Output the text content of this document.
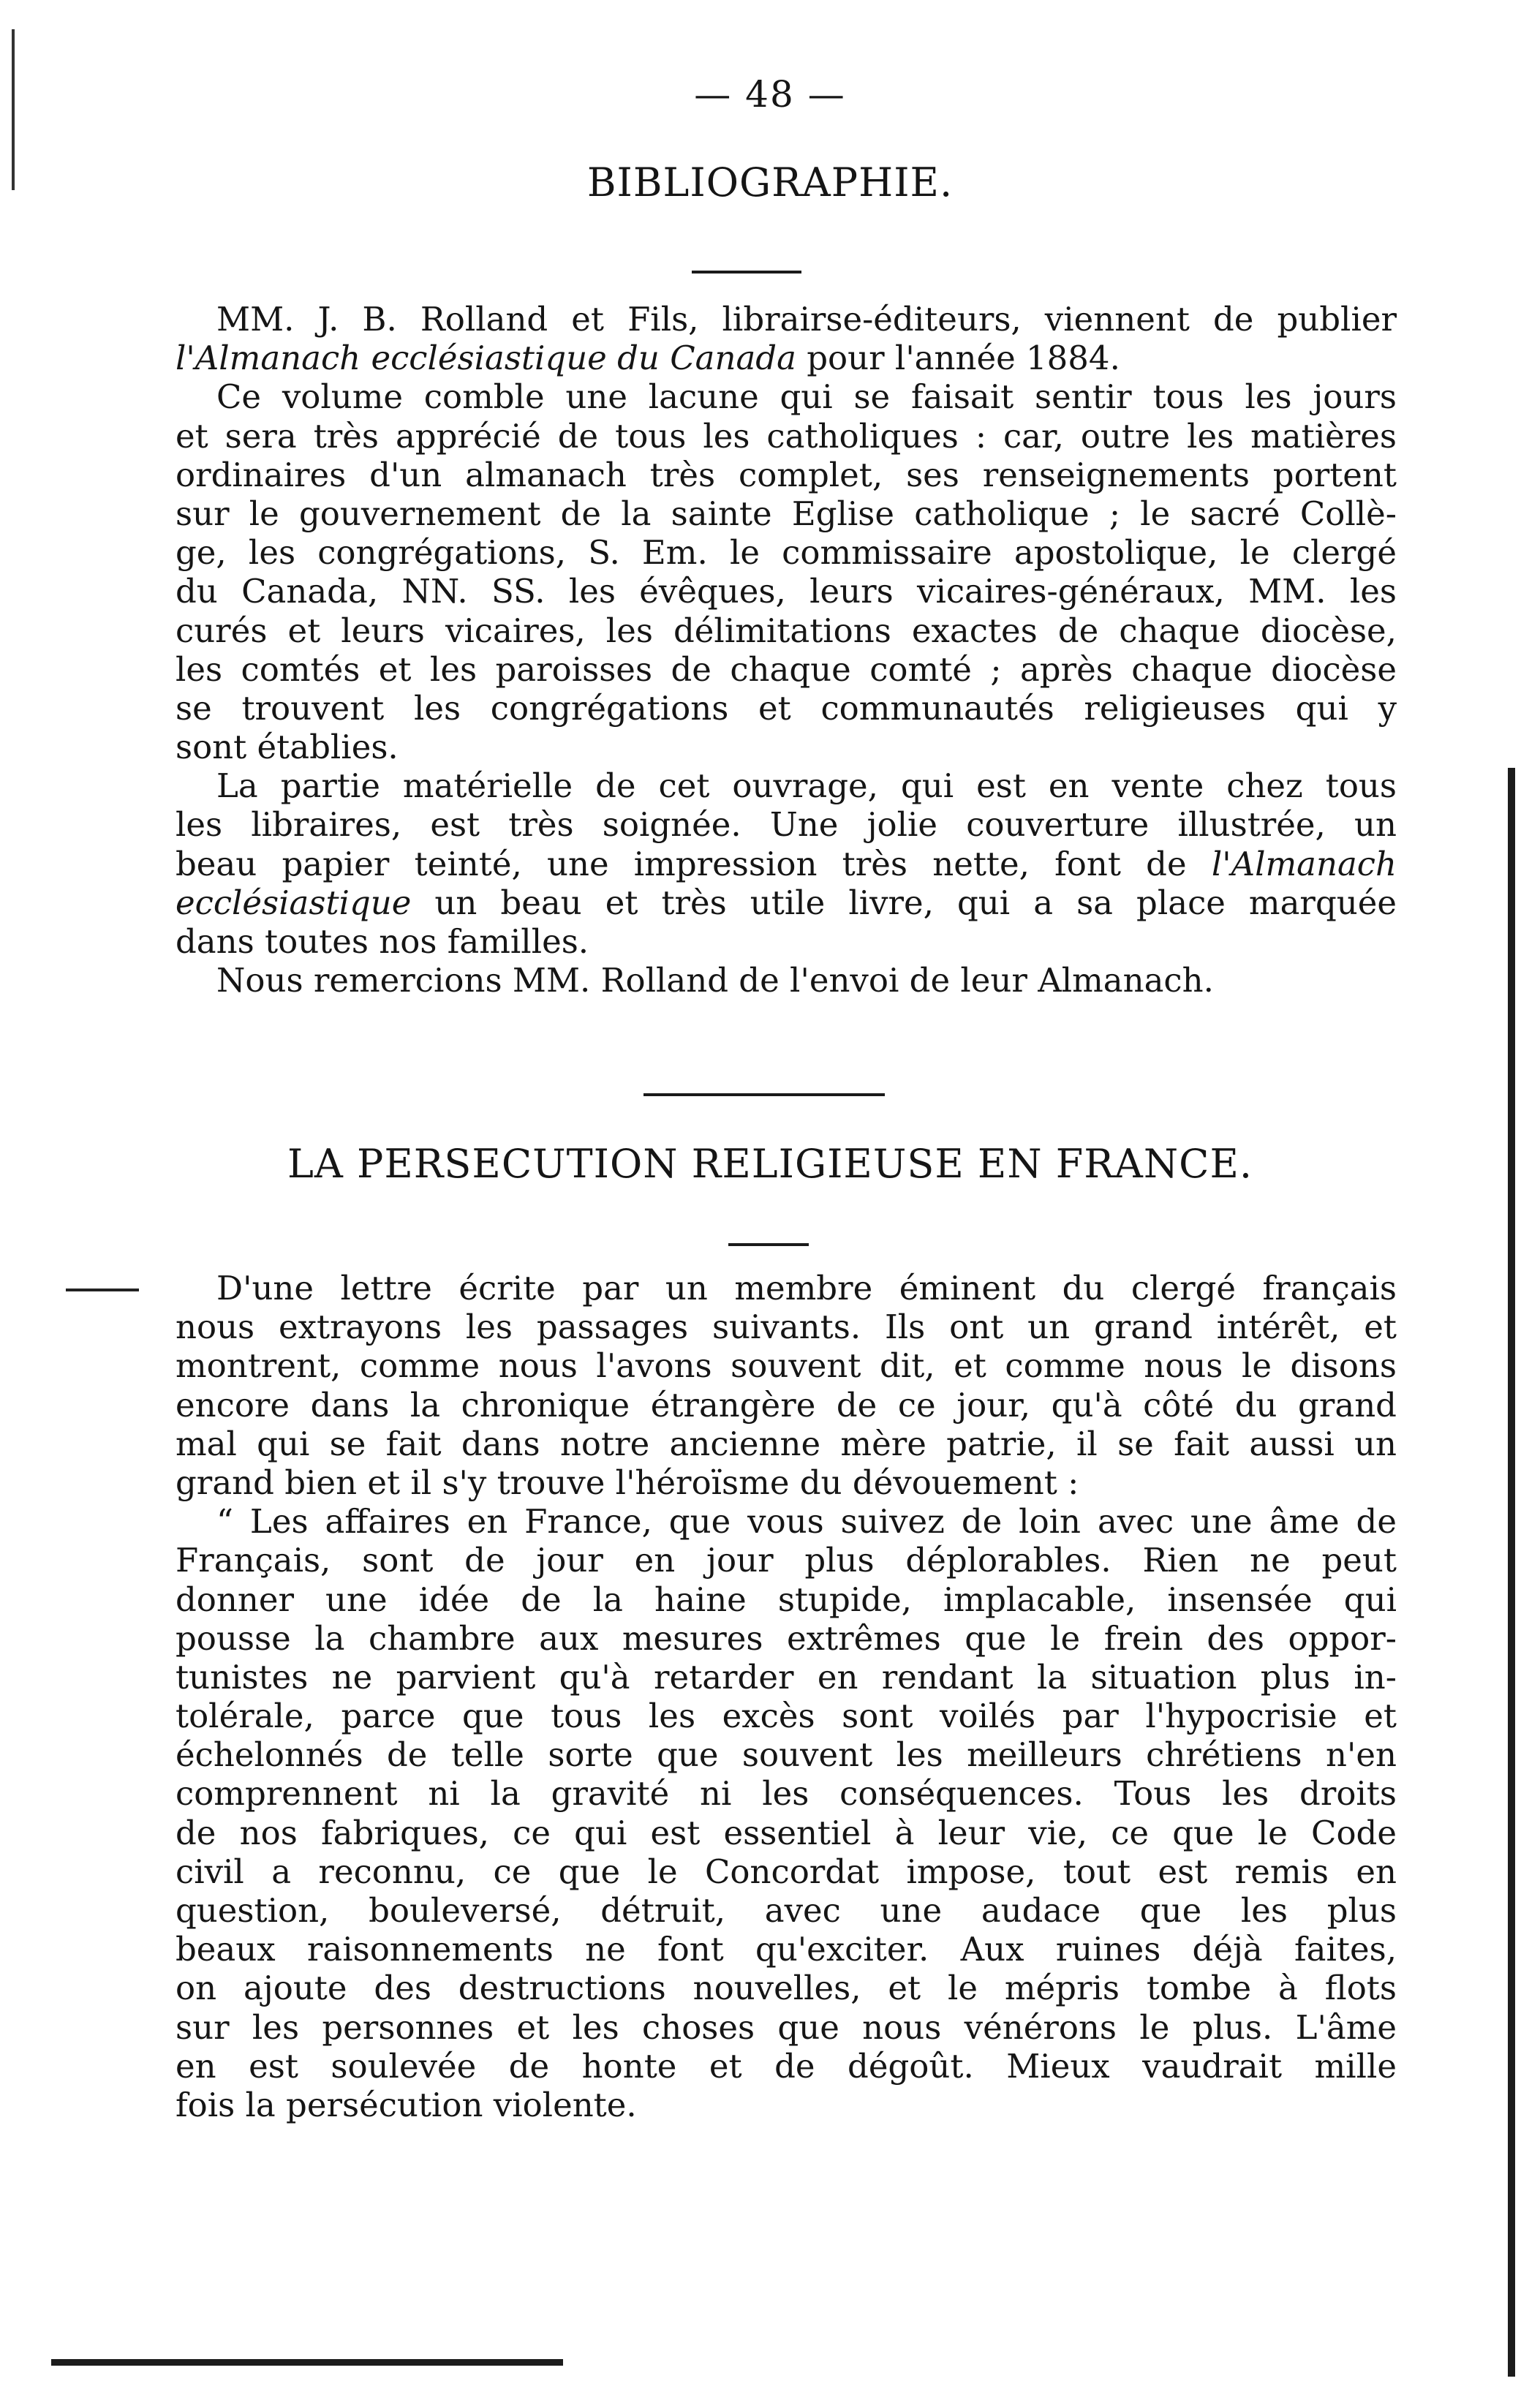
— 48 —
BIBLIOGRAPHIE.
MM. J. B. Rolland et Fils, librairse-éditeurs, viennent de publier
l'Almanach ecclésiastique du Canada pour l'année 1884.
Ce volume comble une lacune qui se faisait sentir tous les jours
et sera très apprécié de tous les catholiques : car, outre les matières
ordinaires d'un almanach très complet, ses renseignements portent
sur le gouvernement de la sainte Eglise catholique ; le sacré Collè-
ge, les congrégations, S. Em. le commissaire apostolique, le clergé
du Canada, NN. SS. les évêques, leurs vicaires-généraux, MM. les
curés et leurs vicaires, les délimitations exactes de chaque diocèse,
les comtés et les paroisses de chaque comté ; après chaque diocèse
se trouvent les congrégations et communautés religieuses qui y
sont établies.
La partie matérielle de cet ouvrage, qui est en vente chez tous
les libraires, est très soignée. Une jolie couverture illustrée, un
beau papier teinté, une impression très nette, font de l'Almanach
ecclésiastique un beau et très utile livre, qui a sa place marquée
dans toutes nos familles.
Nous remercions MM. Rolland de l'envoi de leur Almanach.
LA PERSECUTION RELIGIEUSE EN FRANCE.
D'une lettre écrite par un membre éminent du clergé français
nous extrayons les passages suivants. Ils ont un grand intérêt, et
montrent, comme nous l'avons souvent dit, et comme nous le disons
encore dans la chronique étrangère de ce jour, qu'à côté du grand
mal qui se fait dans notre ancienne mère patrie, il se fait aussi un
grand bien et il s'y trouve l'héroïsme du dévouement :
“ Les affaires en France, que vous suivez de loin avec une âme de
Français, sont de jour en jour plus déplorables. Rien ne peut
donner une idée de la haine stupide, implacable, insensée qui
pousse la chambre aux mesures extrêmes que le frein des oppor-
tunistes ne parvient qu'à retarder en rendant la situation plus in-
tolérale, parce que tous les excès sont voilés par l'hypocrisie et
échelonnés de telle sorte que souvent les meilleurs chrétiens n'en
comprennent ni la gravité ni les conséquences. Tous les droits
de nos fabriques, ce qui est essentiel à leur vie, ce que le Code
civil a reconnu, ce que le Concordat impose, tout est remis en
question, bouleversé, détruit, avec une audace que les plus
beaux raisonnements ne font qu'exciter. Aux ruines déjà faites,
on ajoute des destructions nouvelles, et le mépris tombe à flots
sur les personnes et les choses que nous vénérons le plus. L'âme
en est soulevée de honte et de dégoût. Mieux vaudrait mille
fois la persécution violente.
